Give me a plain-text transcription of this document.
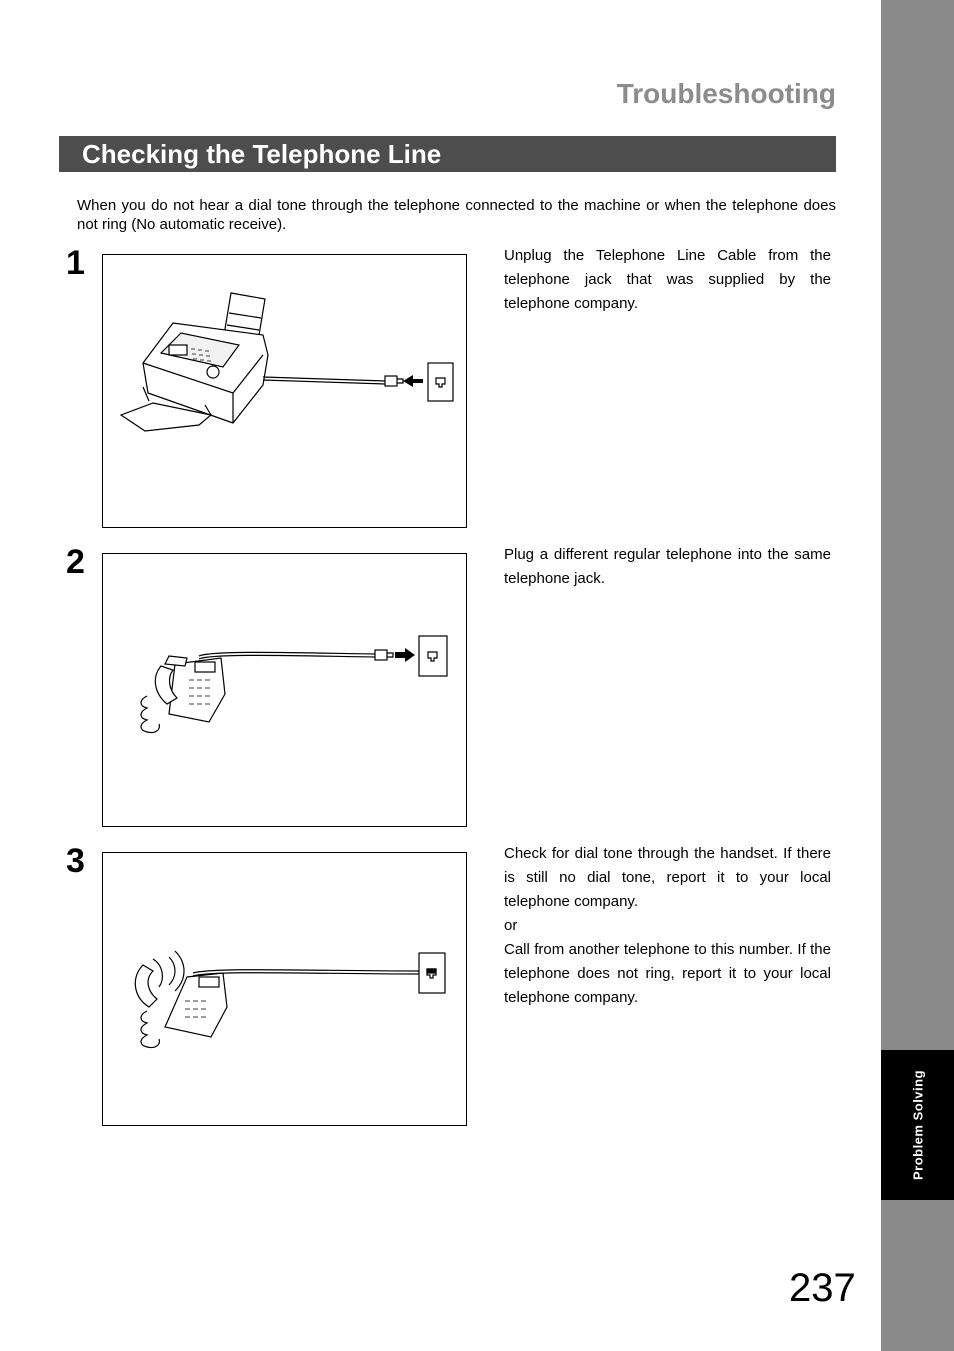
Problem Solving
Troubleshooting
Checking the Telephone Line
When you do not hear a dial tone through the telephone connected to the machine or when the telephone does not ring (No automatic receive).
1	Unplug the Telephone Line Cable from the telephone jack that was supplied by the telephone company.

2	Plug a different regular telephone into the same telephone jack.

3	Check for dial tone through the handset. If there is still no dial tone, report it to your local telephone company.

or

Call from another telephone to this number. If the telephone does not ring, report it to your local telephone company.

237
